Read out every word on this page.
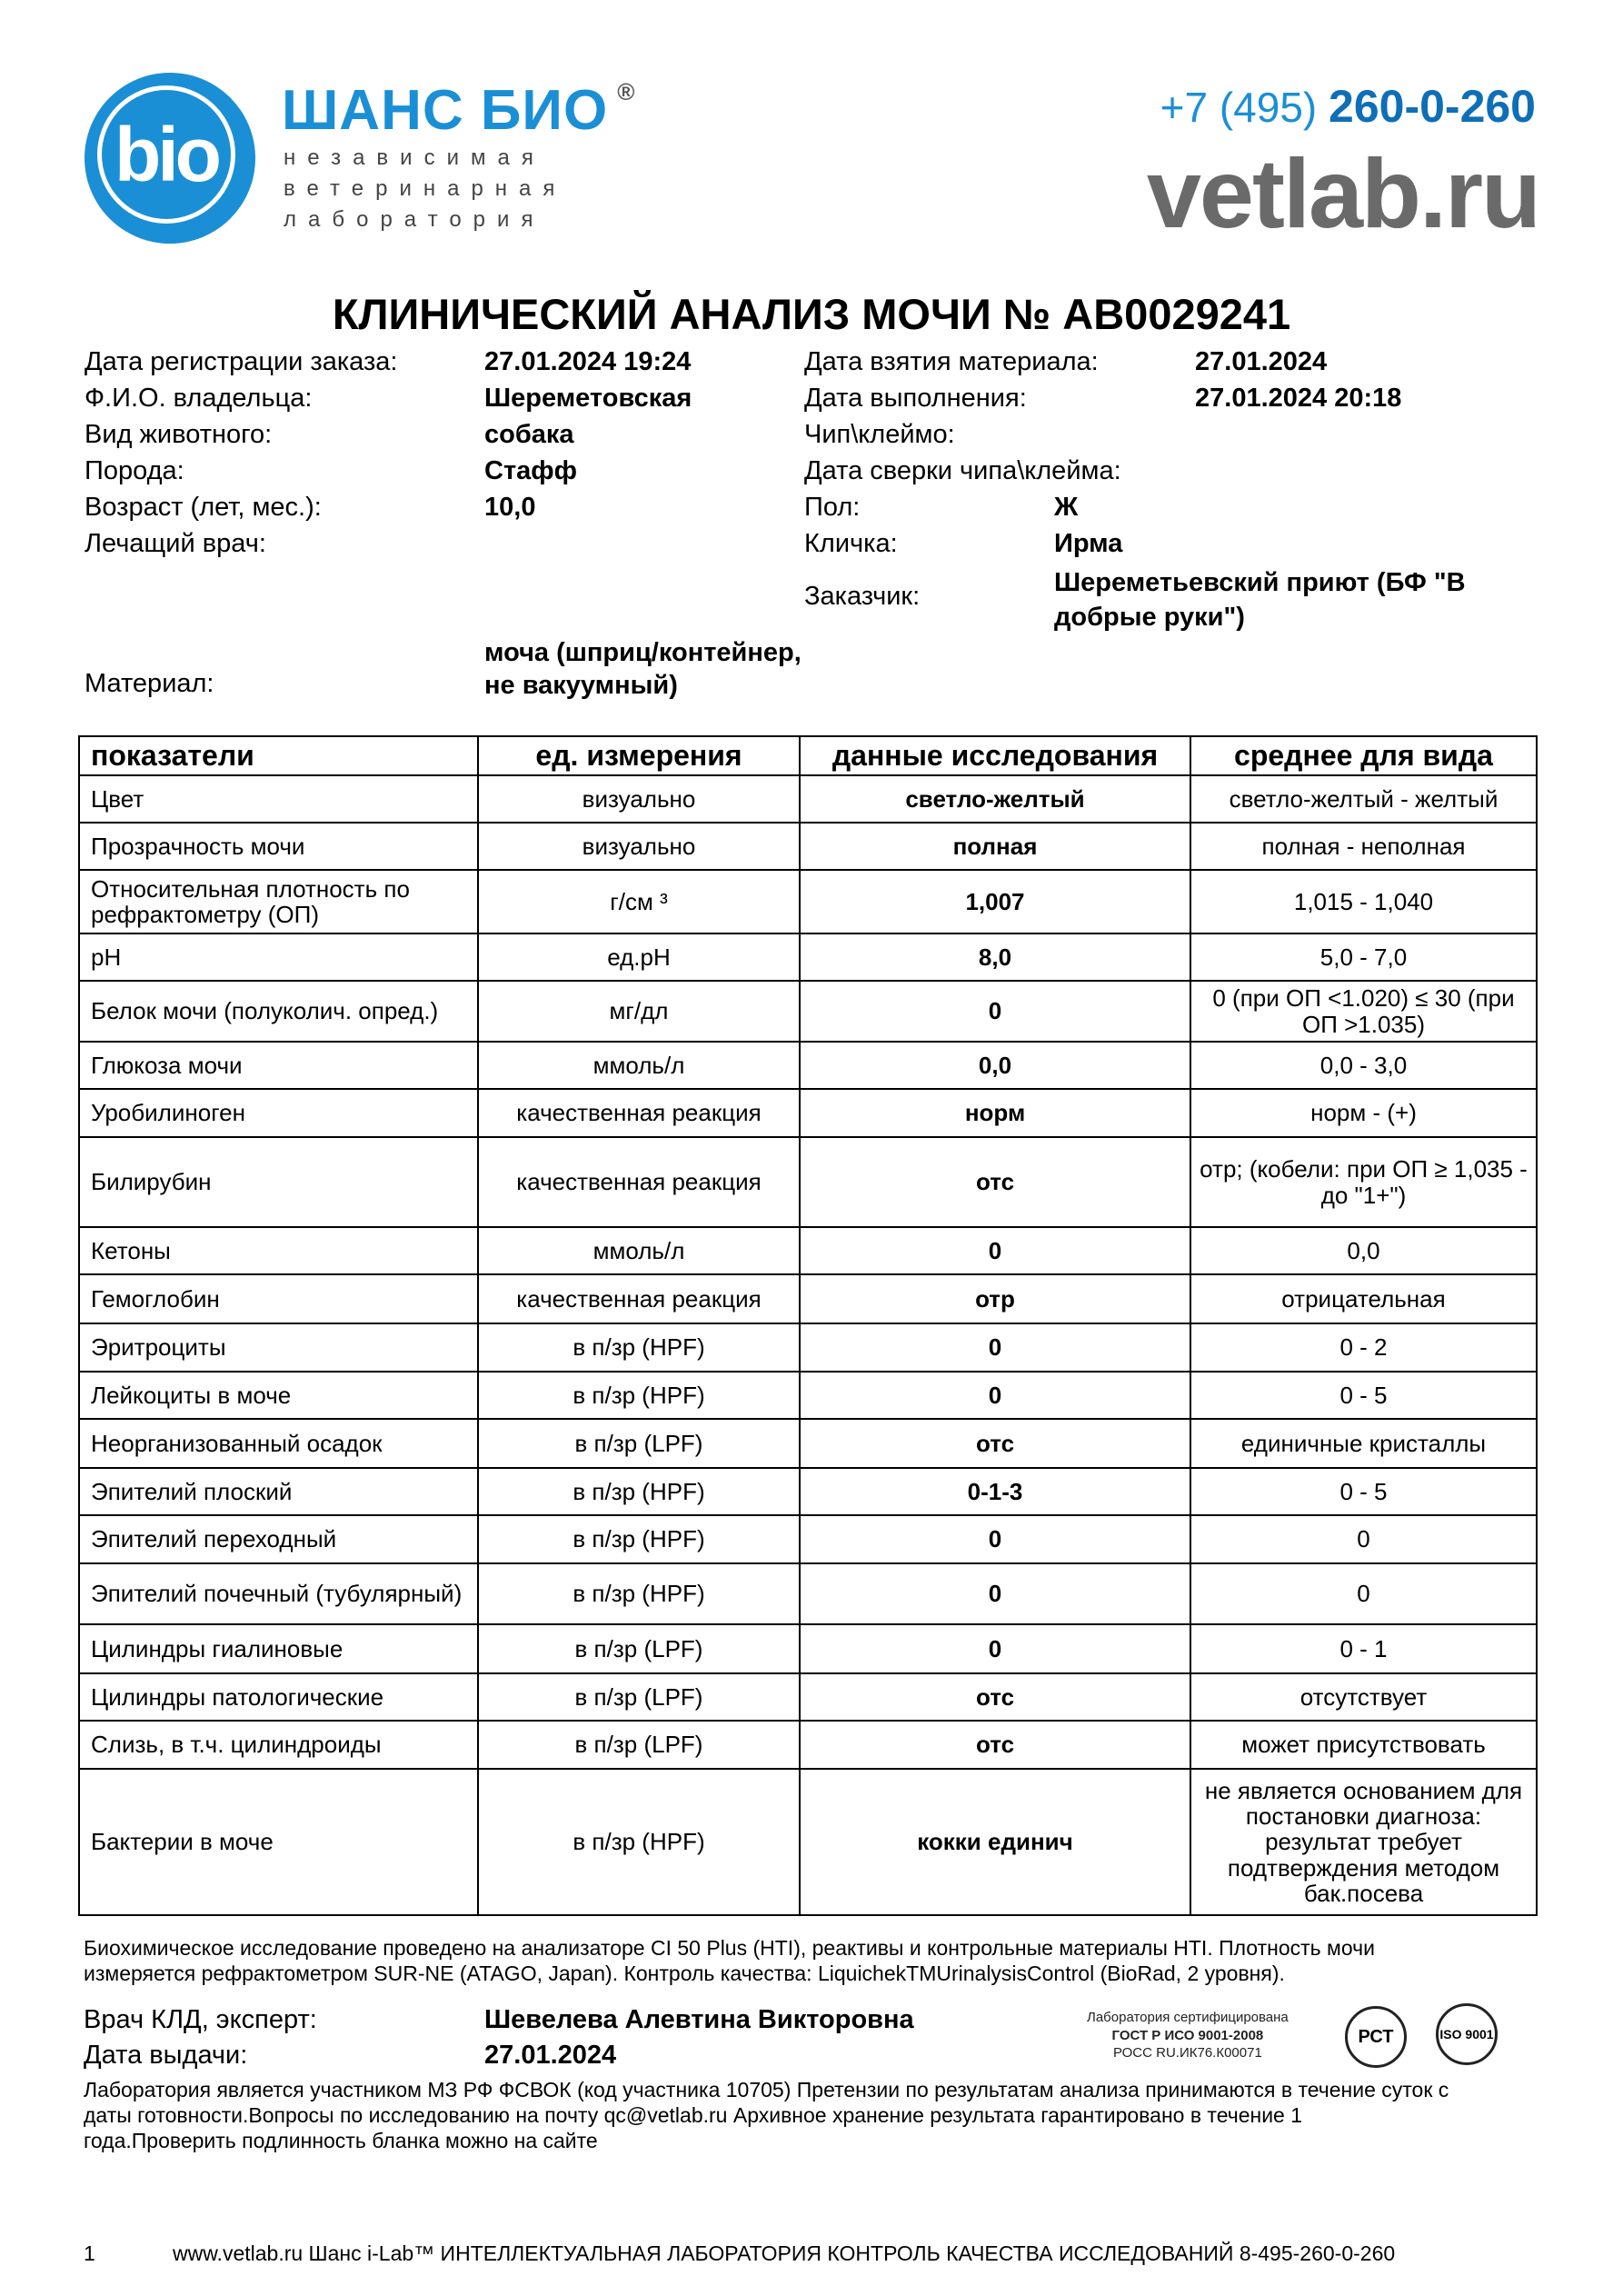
bio
ШАНС БИО ®
независимая
ветеринарная
лаборатория
+7 (495) 260-0-260
vetlab.ru
КЛИНИЧЕСКИЙ АНАЛИЗ МОЧИ № AB0029241
Дата регистрации заказа:	27.01.2024 19:24
Ф.И.О. владельца:	Шереметовская
Вид животного:	собака
Порода:	Стафф
Возраст (лет, мес.):	10,0
Лечащий врач:
Дата взятия материала:	27.01.2024
Дата выполнения:	27.01.2024 20:18
Чип\клеймо:
Дата сверки чипа\клейма:
Пол:	Ж
Кличка:	Ирма
Заказчик:	Шереметьевский приют (БФ "В добрые руки")
Материал:
моча (шприц/контейнер, не вакуумный)
показатели	ед. измерения	данные исследования	среднее для вида
Цвет	визуально	светло-желтый	светло-желтый - желтый
Прозрачность мочи	визуально	полная	полная - неполная
Относительная плотность по рефрактометру (ОП)	г/см ³	1,007	1,015 - 1,040
pH	ед.pH	8,0	5,0 - 7,0
Белок мочи (полуколич. опред.)	мг/дл	0	0 (при ОП <1.020) ≤ 30 (при ОП >1.035)
Глюкоза мочи	ммоль/л	0,0	0,0 - 3,0
Уробилиноген	качественная реакция	норм	норм - (+)
Билирубин	качественная реакция	отс	отр; (кобели: при ОП ≥ 1,035 - до "1+")
Кетоны	ммоль/л	0	0,0
Гемоглобин	качественная реакция	отр	отрицательная
Эритроциты	в п/зр (HPF)	0	0 - 2
Лейкоциты в моче	в п/зр (HPF)	0	0 - 5
Неорганизованный осадок	в п/зр (LPF)	отс	единичные кристаллы
Эпителий плоский	в п/зр (HPF)	0-1-3	0 - 5
Эпителий переходный	в п/зр (HPF)	0	0
Эпителий почечный (тубулярный)	в п/зр (HPF)	0	0
Цилиндры гиалиновые	в п/зр (LPF)	0	0 - 1
Цилиндры патологические	в п/зр (LPF)	отс	отсутствует
Слизь, в т.ч. цилиндроиды	в п/зр (LPF)	отс	может присутствовать
Бактерии в моче	в п/зр (HPF)	кокки единич	не является основанием для постановки диагноза: результат требует подтверждения методом бак.посева
Биохимическое исследование проведено на анализаторе CI 50 Plus (HTI), реактивы и контрольные материалы HTI. Плотность мочи
измеряется рефрактометром SUR-NE (ATAGO, Japan). Контроль качества: LiquichekTMUrinalysisControl (BioRad, 2 уровня).
Врач КЛД, эксперт:	Шевелева Алевтина Викторовна
Дата выдачи:	27.01.2024
Лаборатория сертифицирована
ГОСТ Р ИСО 9001-2008
РОСС RU.ИК76.К00071
РСТ	ISO 9001
Лаборатория является участником МЗ РФ ФСВОК (код участника 10705) Претензии по результатам анализа принимаются в течение суток с
даты готовности.Вопросы по исследованию на почту qc@vetlab.ru Архивное хранение результата гарантировано в течение 1
года.Проверить подлинность бланка можно на сайте
1	www.vetlab.ru Шанс i-Lab™ ИНТЕЛЛЕКТУАЛЬНАЯ ЛАБОРАТОРИЯ КОНТРОЛЬ КАЧЕСТВА ИССЛЕДОВАНИЙ 8-495-260-0-260
